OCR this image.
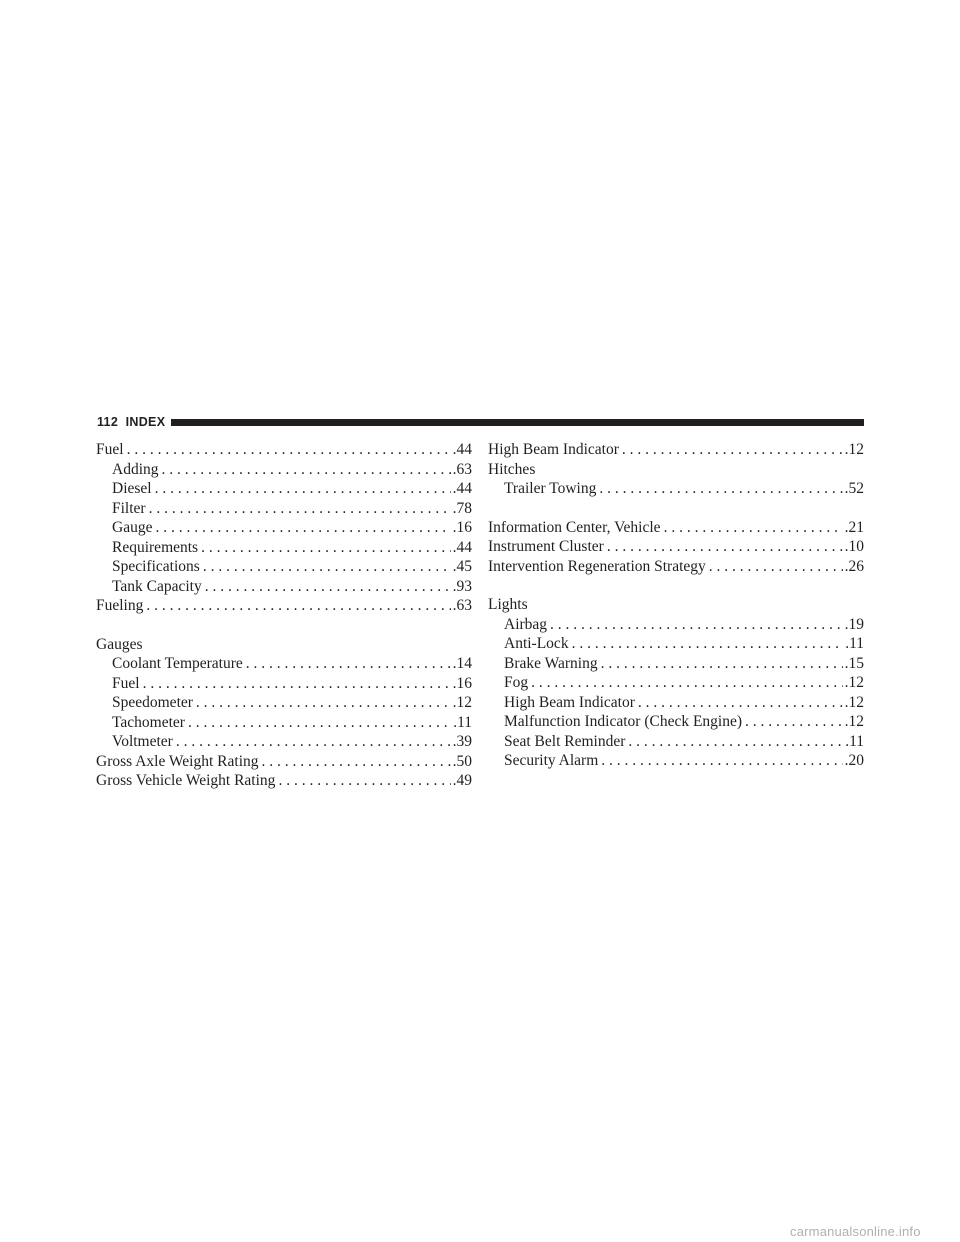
112 INDEX
Fuel . . .	.44
Adding . . .	.63
Diesel . . .	.44
Filter . . .	.78
Gauge . . .	.16
Requirements . . .	.44
Specifications . . .	.45
Tank Capacity . . .	.93
Fueling . . .	.63
Gauges
Coolant Temperature . . .	.14
Fuel . . .	.16
Speedometer . . .	.12
Tachometer . . .	.11
Voltmeter . . .	.39
Gross Axle Weight Rating . . .	.50
Gross Vehicle Weight Rating . . .	.49
High Beam Indicator . . .	.12
Hitches
Trailer Towing . . .	.52
Information Center, Vehicle . . .	.21
Instrument Cluster . . .	.10
Intervention Regeneration Strategy . . .	.26
Lights
Airbag . . .	.19
Anti-Lock . . .	.11
Brake Warning . . .	.15
Fog . . .	.12
High Beam Indicator . . .	.12
Malfunction Indicator (Check Engine) . . .	.12
Seat Belt Reminder . . .	.11
Security Alarm . . .	.20
carmanualsonline.info
